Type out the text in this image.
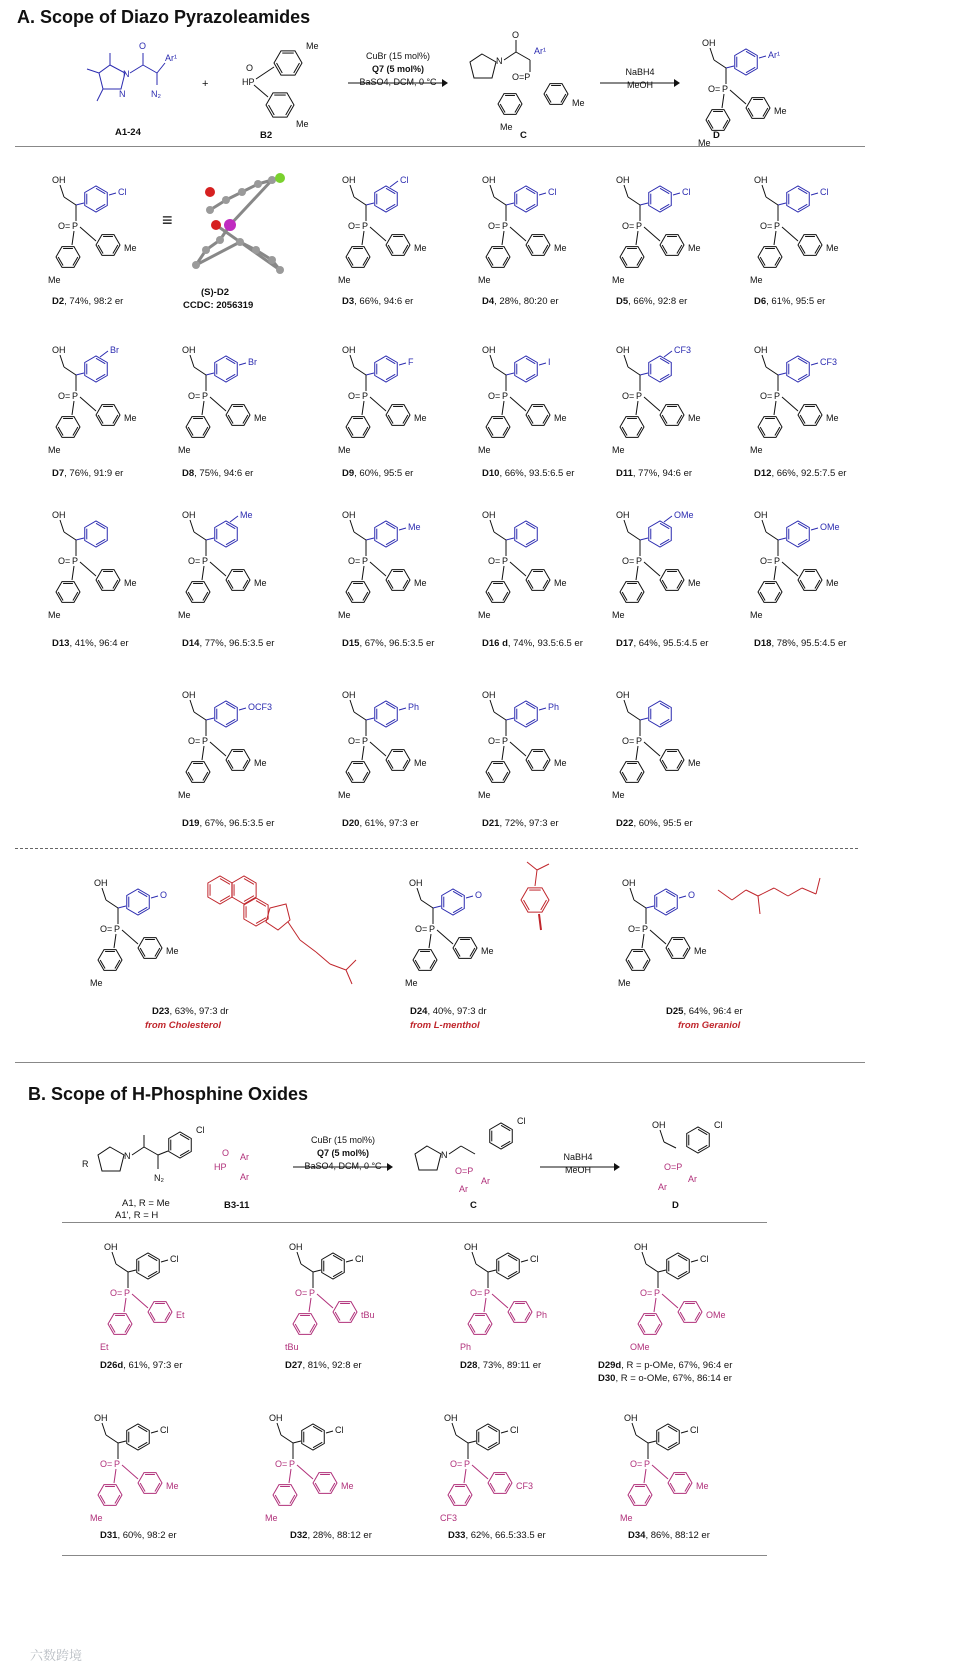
A. Scope of Diazo Pyrazoleamides
B. Scope of H-Phosphine Oxides
N
N
O
Ar¹
N₂
O
HP
Me
Me
N
O
Ar¹
O=P
Me
Me
OH
Ar¹
P
O=
Me
Me
CuBr (15 mol%)
Q7 (5 mol%)
BaSO4, DCM, 0 °C
NaBH4
MeOH
A1-24	B2	C	D
+
OH
Cl
P
O=
Me
Me
D2, 74%, 98:2 er
OH	Cl
P
O=
Me
Me
D3, 66%, 94:6 er
OH
Cl
P
O=
Me
Me
D4, 28%, 80:20 er
OH
Cl
P
O=
Me
Me
D5, 66%, 92:8 er
OH
Cl
P
O=
Me
Me
D6, 61%, 95:5 er
OH	Br
P
O=
Me
Me
D7, 76%, 91:9 er
OH
Br
P
O=
Me
Me
D8, 75%, 94:6 er
OH
F
P
O=
Me
Me
D9, 60%, 95:5 er
OH
I
P
O=
Me
Me
D10, 66%, 93.5:6.5 er
OH	CF3
P
O=
Me
Me
D11, 77%, 94:6 er
OH
CF3
P
O=
Me
Me
D12, 66%, 92.5:7.5 er
OH
P
O=
Me
Me
D13, 41%, 96:4 er
OH	Me
P
O=
Me
Me
D14, 77%, 96.5:3.5 er
OH
Me
P
O=
Me
Me
D15, 67%, 96.5:3.5 er
OH
P
O=
Me
Me
D16 d, 74%, 93.5:6.5 er
OH	OMe
P
O=
Me
Me
D17, 64%, 95.5:4.5 er
OH
OMe
P
O=
Me
Me
D18, 78%, 95.5:4.5 er
OH
OCF3
P
O=
Me
Me
D19, 67%, 96.5:3.5 er
OH
Ph
P
O=
Me
Me
D20, 61%, 97:3 er
OH
Ph
P
O=
Me
Me
D21, 72%, 97:3 er
OH
P
O=
Me
Me
D22, 60%, 95:5 er
≡
(S)-D2
CCDC: 2056319
OH
O
P
O=
Me
Me
D23, 63%, 97:3 dr
from Cholesterol
OH
O
P
O=
Me
Me
D24, 40%, 97:3 dr
from L-menthol
OH
O
P
O=
Me
Me
D25, 64%, 96:4 er
from Geraniol
R
N
N₂
Cl
O
HP
Ar
Ar
N
Cl
O=P
Ar
Ar
OH	Cl
O=P
Ar
Ar
CuBr (15 mol%)
Q7 (5 mol%)
BaSO4, DCM, 0 °C
NaBH4
MeOH
A1, R = Me
A1', R = H
B3-11	C	D
OH
Cl
P
O=
Et
Et
D26d, 61%, 97:3 er
OH
Cl
P
O=
tBu
tBu
D27, 81%, 92:8 er
OH
Cl
P
O=
Ph
Ph
D28, 73%, 89:11 er
OH
Cl
P
O=
OMe
OMe
D29d, R = p-OMe, 67%, 96:4 er
D30, R = o-OMe, 67%, 86:14 er
OH
Cl
P
O=
Me
Me
D31, 60%, 98:2 er
OH
Cl
P
O=
Me
Me
D32, 28%, 88:12 er
OH
Cl
P
O=
CF3
CF3
D33, 62%, 66.5:33.5 er
OH
Cl
P
O=
Me
Me
D34, 86%, 88:12 er
六数跨境
